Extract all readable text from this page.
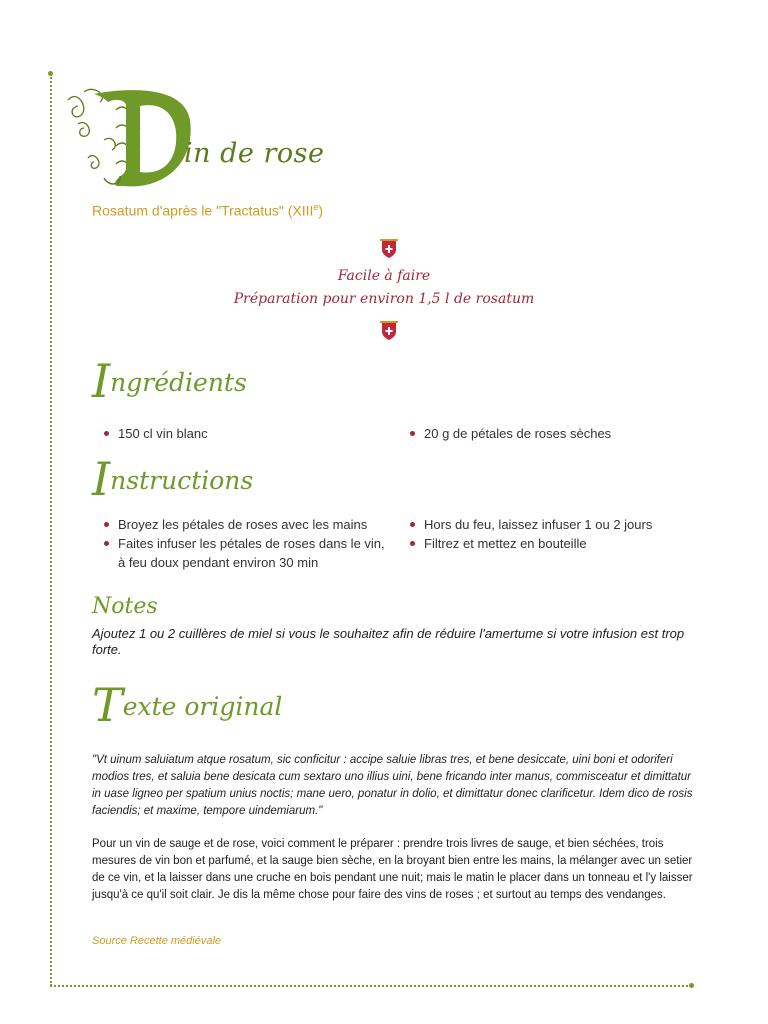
in de rose
Rosatum d'après le "Tractatus" (XIIIe)
Facile à faire
Préparation pour environ 1,5 l de rosatum
Ingrédients
150 cl vin blanc	20 g de pétales de roses sèches
Instructions
Broyez les pétales de roses avec les mains
Faites infuser les pétales de roses dans le vin, à feu doux pendant environ 30 min
Hors du feu, laissez infuser 1 ou 2 jours
Filtrez et mettez en bouteille
Notes
Ajoutez 1 ou 2 cuillères de miel si vous le souhaitez afin de réduire l'amertume si votre infusion est trop forte.
Texte original
"Vt uinum saluiatum atque rosatum, sic conficitur : accipe saluie libras tres, et bene desiccate, uini boni et odoriferi modios tres, et saluia bene desicata cum sextaro uno illius uini, bene fricando inter manus, commisceatur et dimittatur in uase ligneo per spatium unius noctis; mane uero, ponatur in dolio, et dimittatur donec clarificetur. Idem dico de rosis faciendis; et maxime, tempore uindemiarum."
Pour un vin de sauge et de rose, voici comment le préparer : prendre trois livres de sauge, et bien séchées, trois mesures de vin bon et parfumé, et la sauge bien sèche, en la broyant bien entre les mains, la mélanger avec un setier de ce vin, et la laisser dans une cruche en bois pendant une nuit; mais le matin le placer dans un tonneau et l'y laisser jusqu'à ce qu'il soit clair. Je dis la même chose pour faire des vins de roses ; et surtout au temps des vendanges.
Source Recette médiévale
